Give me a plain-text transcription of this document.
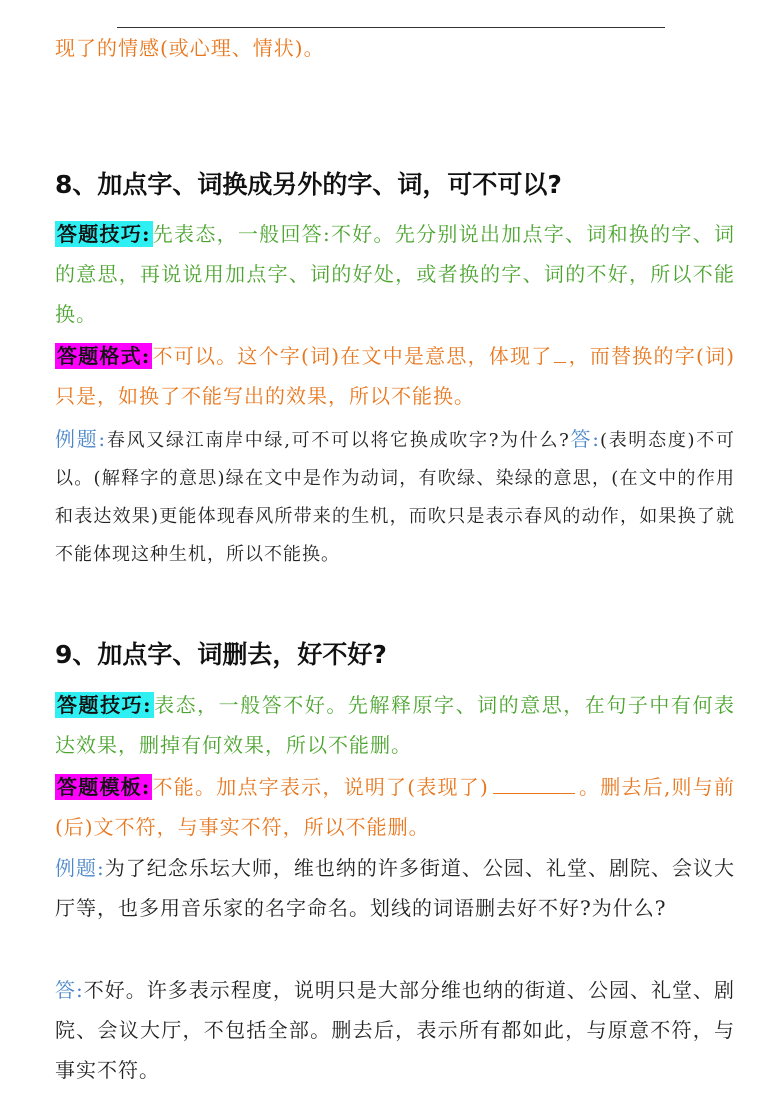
现了的情感(或心理、情状)。

8、加点字、词换成另外的字、词，可不可以?

答题技巧: 先表态，一般回答:不好。先分别说出加点字、词和换的字、词的意思，再说说用加点字、词的好处，或者换的字、词的不好，所以不能换。

答题格式: 不可以。这个字(词)在文中是意思，体现了 ，而替换的字(词)只是，如换了不能写出的效果，所以不能换。

例题:春风又绿江南岸中绿,可不可以将它换成吹字?为什么?答:(表明态度)不可以。(解释字的意思)绿在文中是作为动词，有吹绿、染绿的意思，(在文中的作用和表达效果)更能体现春风所带来的生机，而吹只是表示春风的动作，如果换了就不能体现这种生机，所以不能换。

9、加点字、词删去，好不好?

答题技巧: 表态，一般答不好。先解释原字、词的意思，在句子中有何表达效果，删掉有何效果，所以不能删。

答题模板: 不能。加点字表示，说明了(表现了)	。删去后,则与前(后)文不符，与事实不符，所以不能删。

例题:为了纪念乐坛大师，维也纳的许多街道、公园、礼堂、剧院、会议大厅等，也多用音乐家的名字命名。划线的词语删去好不好?为什么?

答:不好。许多表示程度，说明只是大部分维也纳的街道、公园、礼堂、剧院、会议大厅，不包括全部。删去后，表示所有都如此，与原意不符，与事实不符。
